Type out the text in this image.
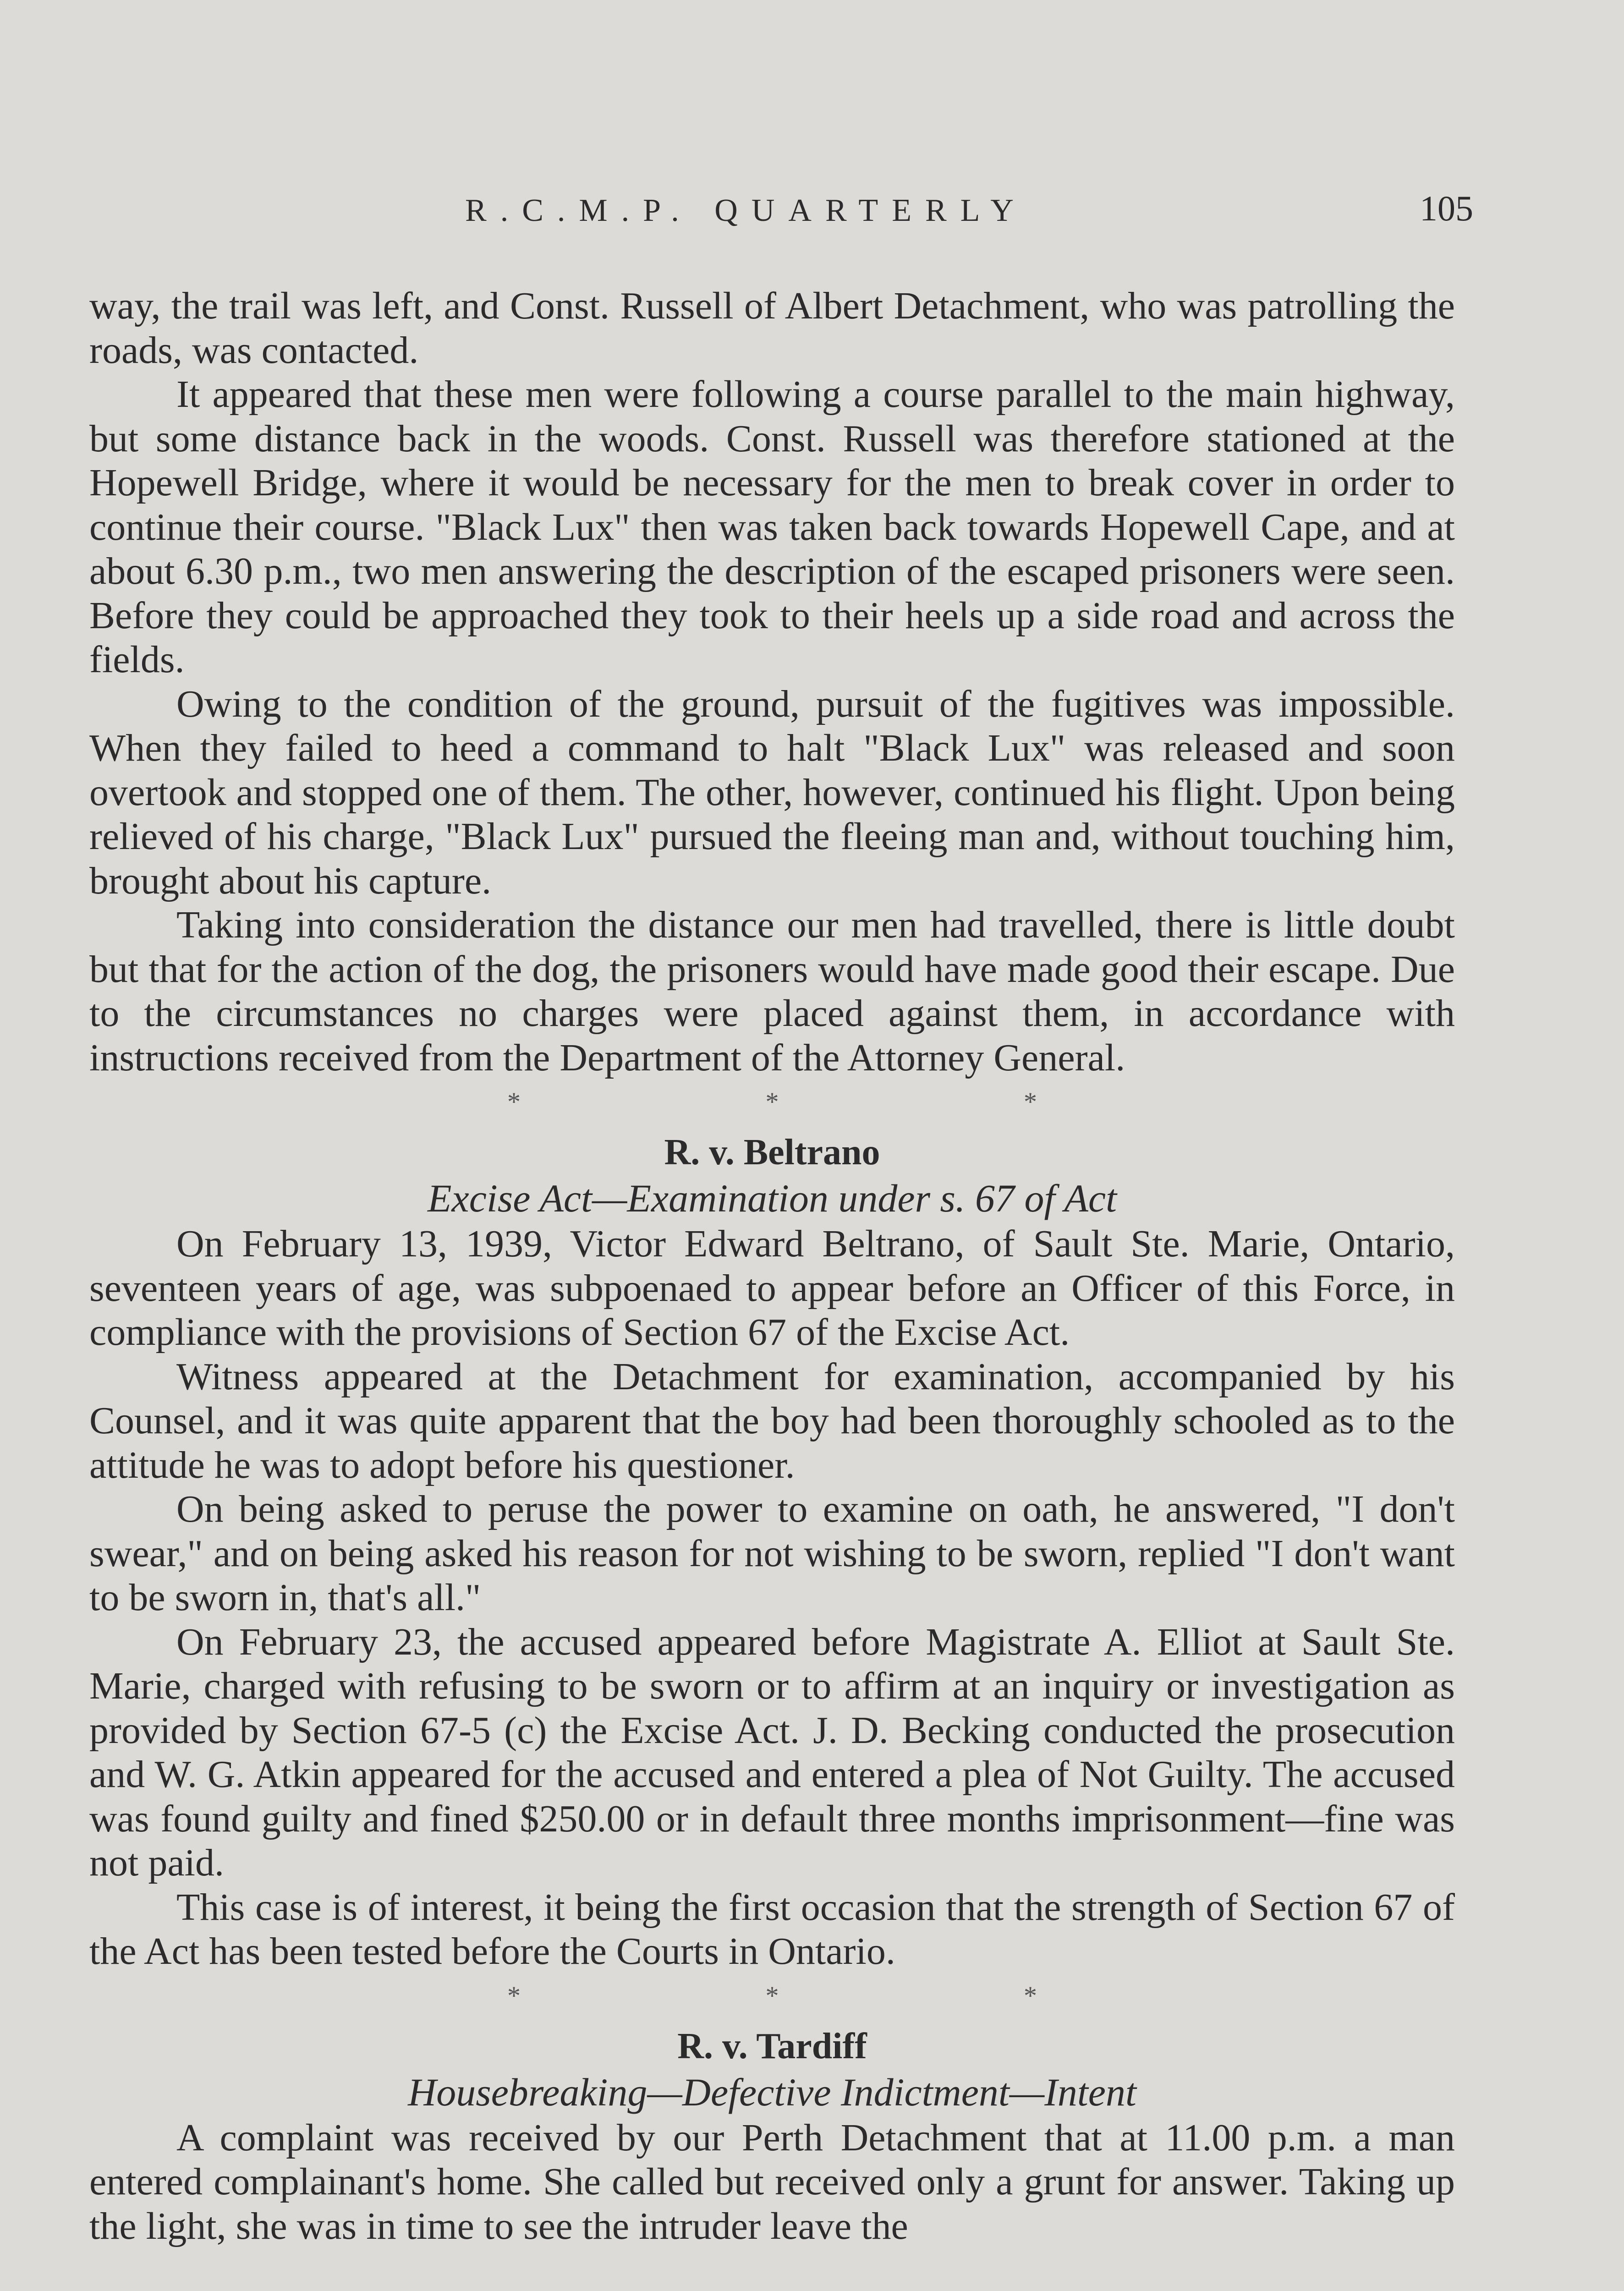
R.C.M.P. QUARTERLY	105

way, the trail was left, and Const. Russell of Albert Detachment, who was patrolling the roads, was contacted.

It appeared that these men were following a course parallel to the main highway, but some distance back in the woods. Const. Russell was therefore stationed at the Hopewell Bridge, where it would be necessary for the men to break cover in order to continue their course. "Black Lux" then was taken back towards Hopewell Cape, and at about 6.30 p.m., two men answering the description of the escaped prisoners were seen. Before they could be approached they took to their heels up a side road and across the fields.

Owing to the condition of the ground, pursuit of the fugitives was impossible. When they failed to heed a command to halt "Black Lux" was released and soon overtook and stopped one of them. The other, however, continued his flight. Upon being relieved of his charge, "Black Lux" pursued the fleeing man and, without touching him, brought about his capture.

Taking into consideration the distance our men had travelled, there is little doubt but that for the action of the dog, the prisoners would have made good their escape. Due to the circumstances no charges were placed against them, in accordance with instructions received from the Department of the Attorney General.

* * *
R. v. Beltrano
Excise Act—Examination under s. 67 of Act

On February 13, 1939, Victor Edward Beltrano, of Sault Ste. Marie, Ontario, seventeen years of age, was subpoenaed to appear before an Officer of this Force, in compliance with the provisions of Section 67 of the Excise Act.

Witness appeared at the Detachment for examination, accompanied by his Counsel, and it was quite apparent that the boy had been thoroughly schooled as to the attitude he was to adopt before his questioner.

On being asked to peruse the power to examine on oath, he answered, "I don't swear," and on being asked his reason for not wishing to be sworn, replied "I don't want to be sworn in, that's all."

On February 23, the accused appeared before Magistrate A. Elliot at Sault Ste. Marie, charged with refusing to be sworn or to affirm at an inquiry or investigation as provided by Section 67-5 (c) the Excise Act. J. D. Becking conducted the prosecution and W. G. Atkin appeared for the accused and entered a plea of Not Guilty. The accused was found guilty and fined $250.00 or in default three months imprisonment—fine was not paid.

This case is of interest, it being the first occasion that the strength of Section 67 of the Act has been tested before the Courts in Ontario.

* * *
R. v. Tardiff
Housebreaking—Defective Indictment—Intent

A complaint was received by our Perth Detachment that at 11.00 p.m. a man entered complainant's home. She called but received only a grunt for answer. Taking up the light, she was in time to see the intruder leave the
